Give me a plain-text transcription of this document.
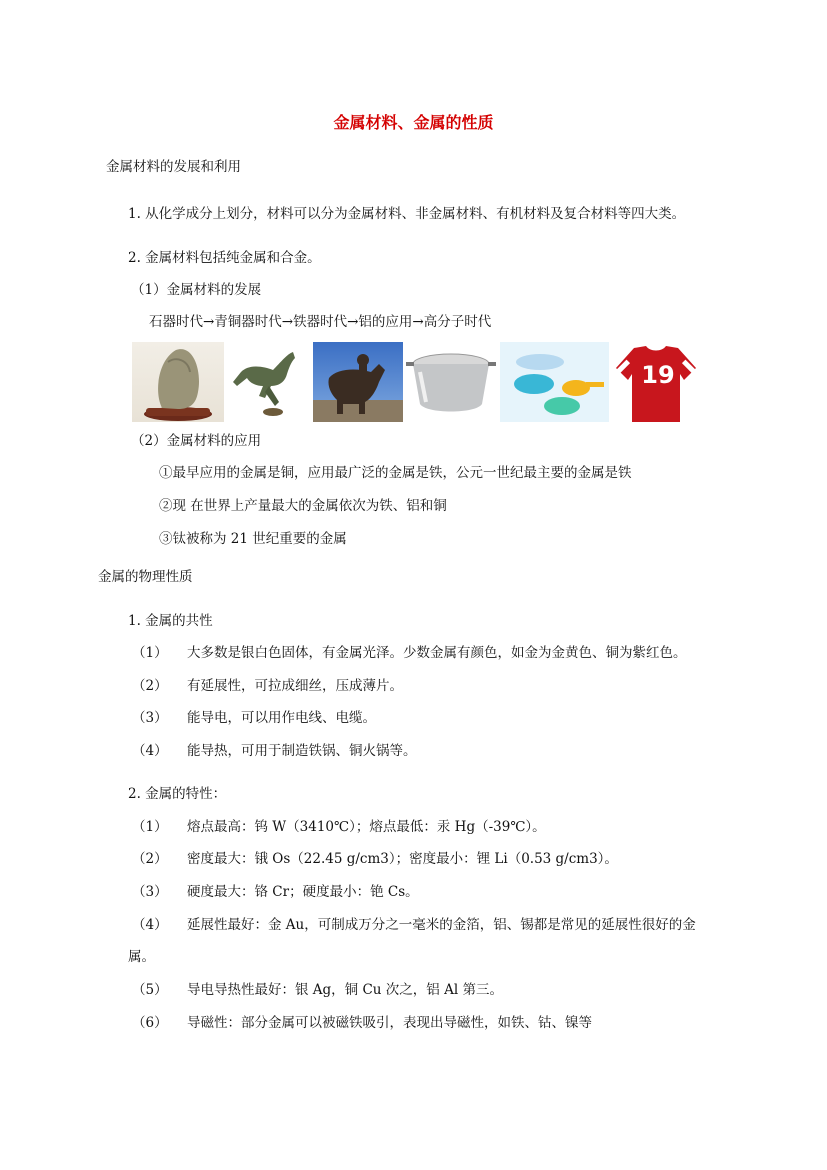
金属材料、金属的性质
金属材料的发展和利用
1. 从化学成分上划分，材料可以分为金属材料、非金属材料、有机材料及复合材料等四大类。
2. 金属材料包括纯金属和合金。
（1）金属材料的发展
石器时代→青铜器时代→铁器时代→铝的应用→高分子时代
19
（2）金属材料的应用
①最早应用的金属是铜，应用最广泛的金属是铁，公元一世纪最主要的金属是铁
②现 在世界上产量最大的金属依次为铁、铝和铜
③钛被称为 21 世纪重要的金属
金属的物理性质
1. 金属的共性
（1） 大多数是银白色固体，有金属光泽。少数金属有颜色，如金为金黄色、铜为紫红色。
（2） 有延展性，可拉成细丝，压成薄片。
（3） 能导电，可以用作电线、电缆。
（4） 能导热，可用于制造铁锅、铜火锅等。
2. 金属的特性：
（1） 熔点最高：钨 W（3410℃）；熔点最低：汞 Hg（-39℃）。
（2） 密度最大：锇 Os（22.45 g/cm3）；密度最小：锂 Li（0.53 g/cm3）。
（3） 硬度最大：铬 Cr；硬度最小：铯 Cs。
（4） 延展性最好：金 Au，可制成万分之一毫米的金箔，铝、锡都是常见的延展性很好的金
属。
（5） 导电导热性最好：银 Ag，铜 Cu 次之，铝 Al 第三。
（6） 导磁性：部分金属可以被磁铁吸引，表现出导磁性，如铁、钴、镍等
